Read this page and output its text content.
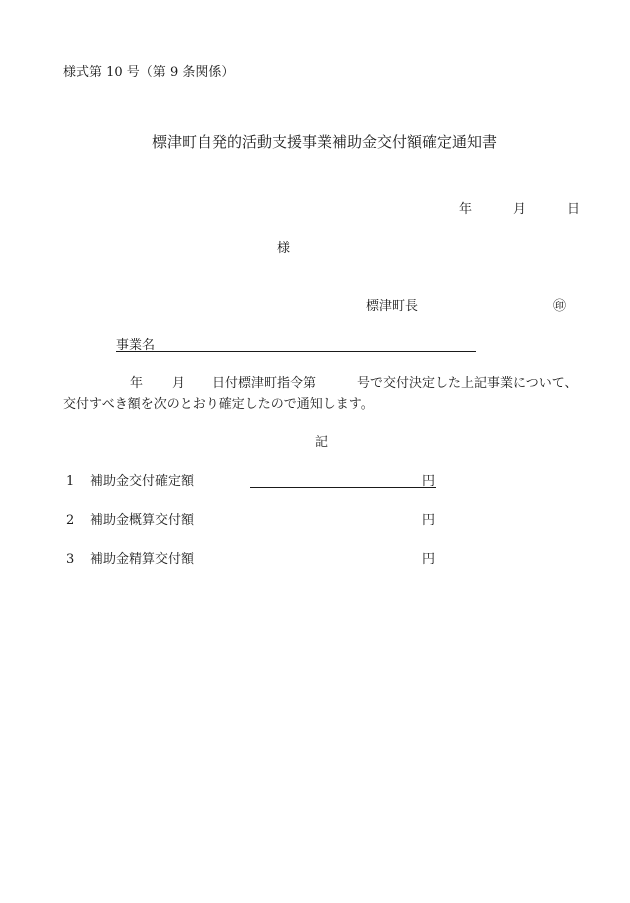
様式第 10 号（第 9 条関係）
標津町自発的活動支援事業補助金交付額確定通知書
年	月	日
様
標津町長	㊞
事業名
年 月 日付標津町指令第	号で交付決定した上記事業について、
交付すべき額を次のとおり確定したので通知します。
記
1 補助金交付確定額	円
2 補助金概算交付額	円
3 補助金精算交付額	円
